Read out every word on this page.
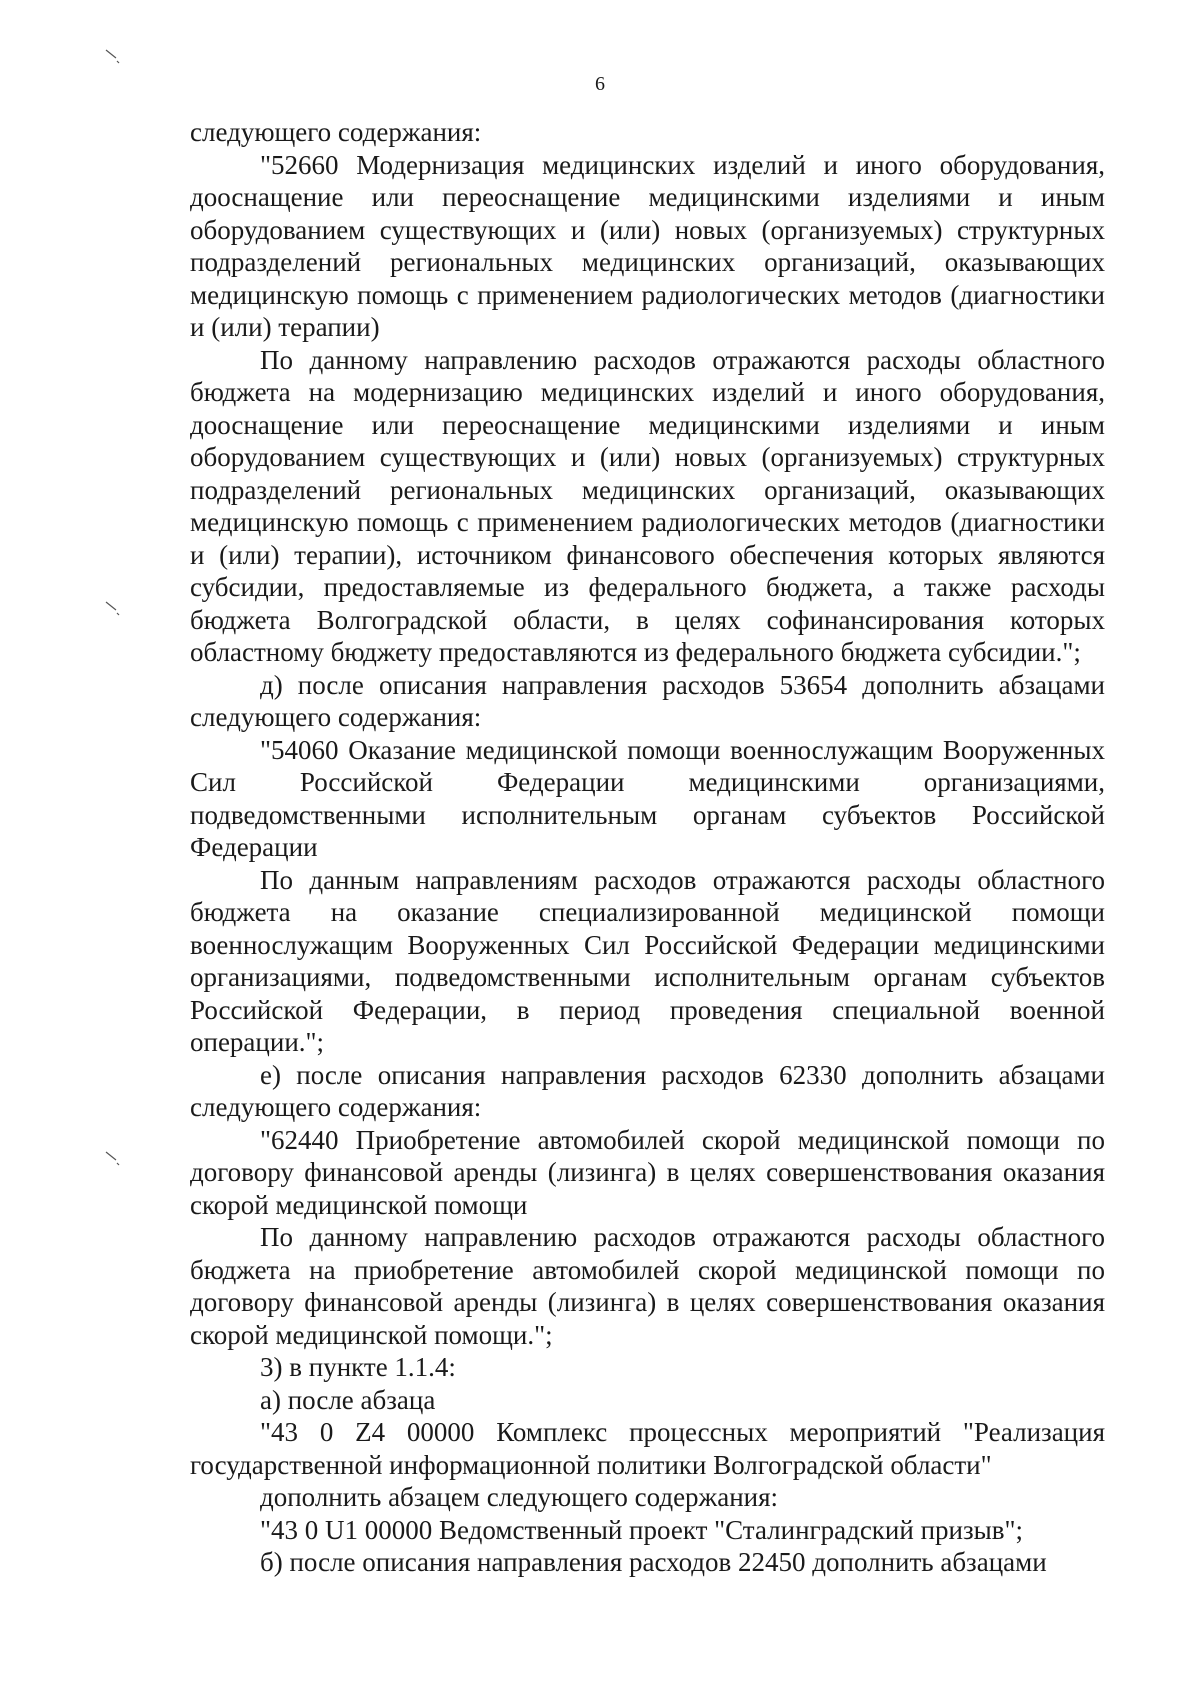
6

следующего содержания:

"52660 Модернизация медицинских изделий и иного оборудования, дооснащение или переоснащение медицинскими изделиями и иным оборудованием существующих и (или) новых (организуемых) структурных подразделений региональных медицинских организаций, оказывающих медицинскую помощь с применением радиологических методов (диагностики и (или) терапии)

По данному направлению расходов отражаются расходы областного бюджета на модернизацию медицинских изделий и иного оборудования, дооснащение или переоснащение медицинскими изделиями и иным оборудованием существующих и (или) новых (организуемых) структурных подразделений региональных медицинских организаций, оказывающих медицинскую помощь с применением радиологических методов (диагностики и (или) терапии), источником финансового обеспечения которых являются субсидии, предоставляемые из федерального бюджета, а также расходы бюджета Волгоградской области, в целях софинансирования которых областному бюджету предоставляются из федерального бюджета субсидии.";

д) после описания направления расходов 53654 дополнить абзацами следующего содержания:

"54060 Оказание медицинской помощи военнослужащим Вооруженных Сил Российской Федерации медицинскими организациями, подведомственными исполнительным органам субъектов Российской Федерации

По данным направлениям расходов отражаются расходы областного бюджета на оказание специализированной медицинской помощи военнослужащим Вооруженных Сил Российской Федерации медицинскими организациями, подведомственными исполнительным органам субъектов Российской Федерации, в период проведения специальной военной операции.";

е) после описания направления расходов 62330 дополнить абзацами следующего содержания:

"62440 Приобретение автомобилей скорой медицинской помощи по договору финансовой аренды (лизинга) в целях совершенствования оказания скорой медицинской помощи

По данному направлению расходов отражаются расходы областного бюджета на приобретение автомобилей скорой медицинской помощи по договору финансовой аренды (лизинга) в целях совершенствования оказания скорой медицинской помощи.";

3) в пункте 1.1.4:

а) после абзаца

"43 0 Z4 00000 Комплекс процессных мероприятий "Реализация государственной информационной политики Волгоградской области"

дополнить абзацем следующего содержания:

"43 0 U1 00000 Ведомственный проект "Сталинградский призыв";

б) после описания направления расходов 22450 дополнить абзацами
